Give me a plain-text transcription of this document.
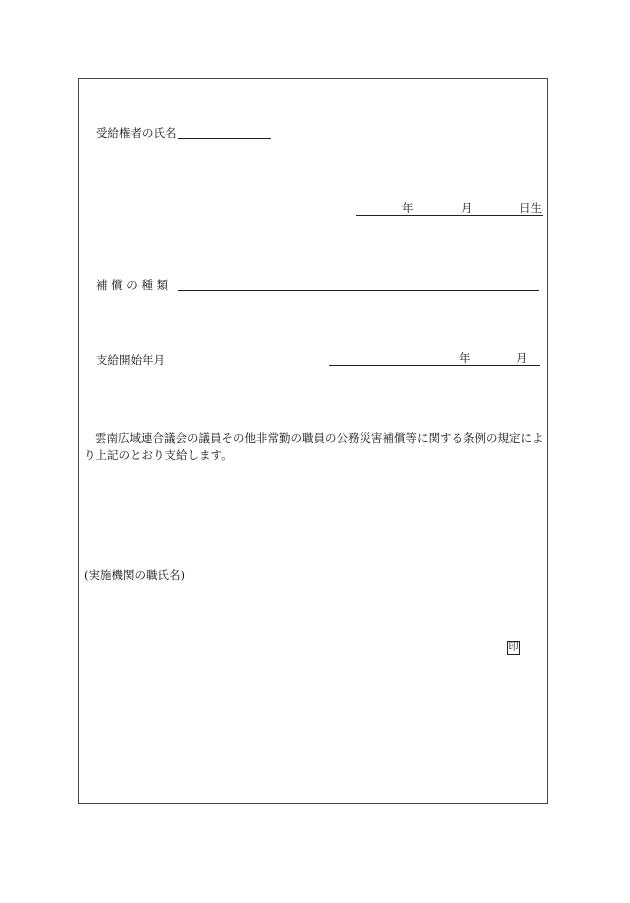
受給権者の氏名
年	月	日生
補 償 の 種 類
支給開始年月	年	月
雲南広域連合議会の議員その他非常勤の職員の公務災害補償等に関する条例の規定により上記のとおり支給します。
(実施機関の職氏名)
印
